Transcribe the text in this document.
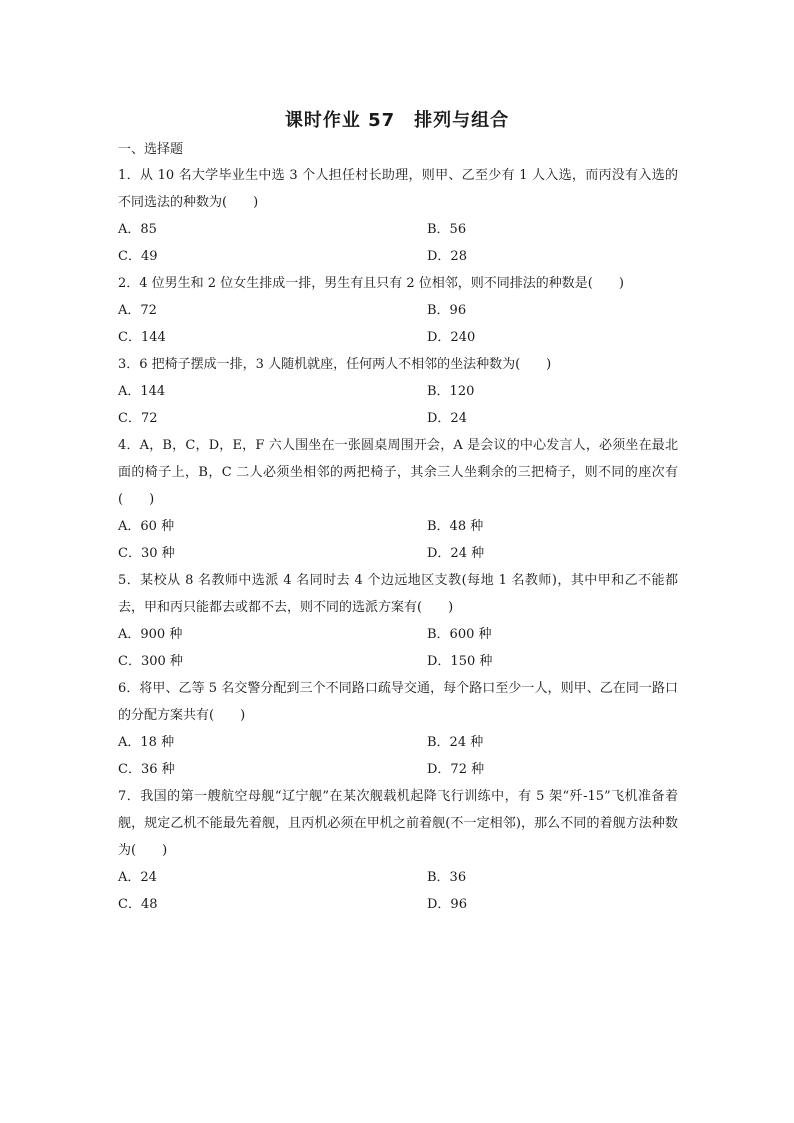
课时作业 57　排列与组合
一、选择题

1．从 10 名大学毕业生中选 3 个人担任村长助理，则甲、乙至少有 1 人入选，而丙没有入选的不同选法的种数为(　　)

A．85	B．56
C．49	D．28

2．4 位男生和 2 位女生排成一排，男生有且只有 2 位相邻，则不同排法的种数是(　　)

A．72	B．96
C．144	D．240

3．6 把椅子摆成一排，3 人随机就座，任何两人不相邻的坐法种数为(　　)

A．144	B．120
C．72	D．24

4．A，B，C，D，E，F 六人围坐在一张圆桌周围开会，A 是会议的中心发言人，必须坐在最北面的椅子上，B，C 二人必须坐相邻的两把椅子，其余三人坐剩余的三把椅子，则不同的座次有(　　)

A．60 种	B．48 种
C．30 种	D．24 种

5．某校从 8 名教师中选派 4 名同时去 4 个边远地区支教(每地 1 名教师)，其中甲和乙不能都去，甲和丙只能都去或都不去，则不同的选派方案有(　　)

A．900 种	B．600 种
C．300 种	D．150 种

6．将甲、乙等 5 名交警分配到三个不同路口疏导交通，每个路口至少一人，则甲、乙在同一路口的分配方案共有(　　)

A．18 种	B．24 种
C．36 种	D．72 种

7．我国的第一艘航空母舰“辽宁舰”在某次舰载机起降飞行训练中，有 5 架“歼-15”飞机准备着舰，规定乙机不能最先着舰，且丙机必须在甲机之前着舰(不一定相邻)，那么不同的着舰方法种数为(　　)

A．24	B．36
C．48	D．96
